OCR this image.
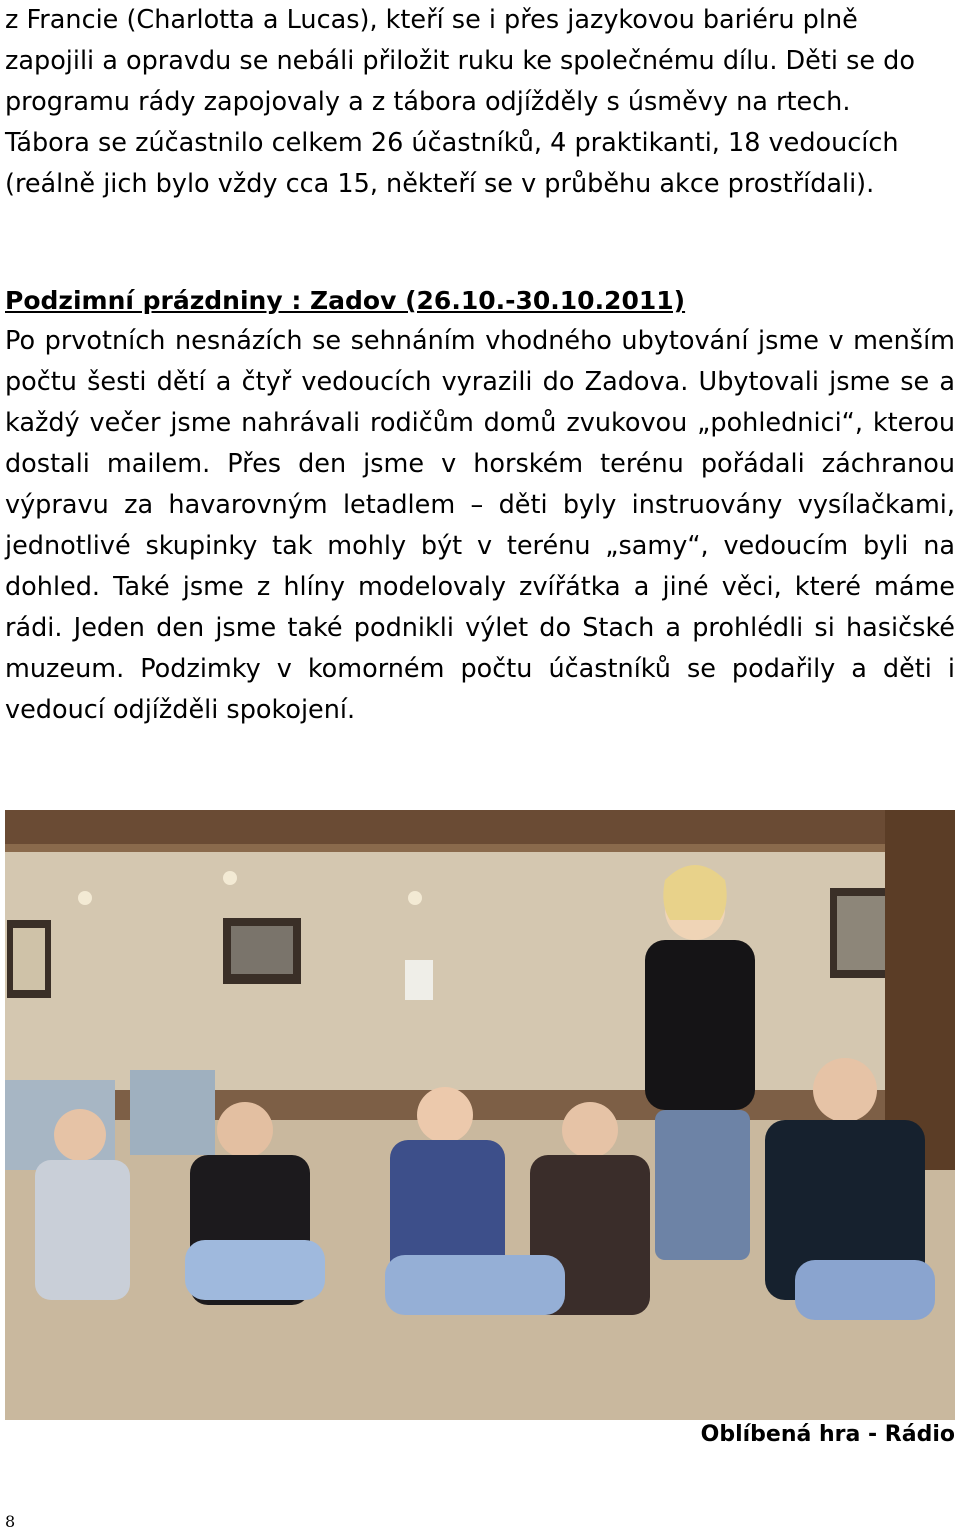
z Francie (Charlotta a Lucas), kteří se i přes jazykovou bariéru plně zapojili a opravdu se nebáli přiložit ruku ke společnému dílu. Děti se do programu rády zapojovaly a z tábora odjížděly s úsměvy na rtech. Tábora se zúčastnilo celkem 26 účastníků, 4 praktikanti, 18 vedoucích (reálně jich bylo vždy cca 15, někteří se v průběhu akce prostřídali).
Podzimní prázdniny : Zadov (26.10.-30.10.2011)
Po prvotních nesnázích se sehnáním vhodného ubytování jsme v menším počtu šesti dětí a čtyř vedoucích vyrazili do Zadova. Ubytovali jsme se a každý večer jsme nahrávali rodičům domů zvukovou „pohlednici“, kterou dostali mailem. Přes den jsme v horském terénu pořádali záchranou výpravu za havarovným letadlem – děti byly instruovány vysílačkami, jednotlivé skupinky tak mohly být v terénu „samy“, vedoucím byli na dohled. Také jsme z hlíny modelovaly zvířátka a jiné věci, které máme rádi. Jeden den jsme také podnikli výlet do Stach a prohlédli si hasičské muzeum. Podzimky v komorném počtu účastníků se podařily a děti i vedoucí odjížděli spokojení.
Oblíbená hra - Rádio
8
